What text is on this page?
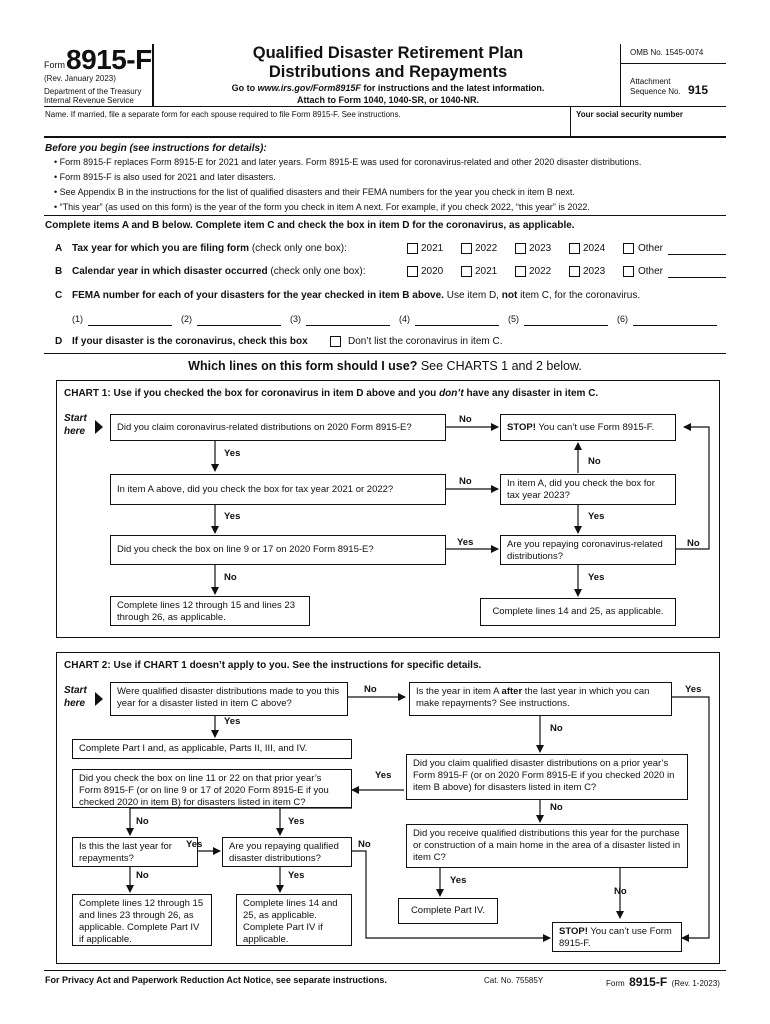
Form 8915-F
(Rev. January 2023)
Department of the Treasury
Internal Revenue Service
Qualified Disaster Retirement Plan
Distributions and Repayments
Go to www.irs.gov/Form8915F for instructions and the latest information.
Attach to Form 1040, 1040-SR, or 1040-NR.
OMB No. 1545-0074
Attachment
Sequence No. 915
Name. If married, file a separate form for each spouse required to file Form 8915-F. See instructions.	Your social security number
Before you begin (see instructions for details):
• Form 8915-F replaces Form 8915-E for 2021 and later years. Form 8915-E was used for coronavirus-related and other 2020 disaster distributions.
• Form 8915-F is also used for 2021 and later disasters.
• See Appendix B in the instructions for the list of qualified disasters and their FEMA numbers for the year you check in item B next.
• “This year” (as used on this form) is the year of the form you check in item A next. For example, if you check 2022, “this year” is 2022.
Complete items A and B below. Complete item C and check the box in item D for the coronavirus, as applicable.
A Tax year for which you are filing form (check only one box):	2021	2022	2023	2024	Other
B Calendar year in which disaster occurred (check only one box):	2020	2021	2022	2023	Other
C FEMA number for each of your disasters for the year checked in item B above. Use item D, not item C, for the coronavirus.
(1)	(2)	(3)	(4)	(5)	(6)
D If your disaster is the coronavirus, check this box	Don’t list the coronavirus in item C.
Which lines on this form should I use? See CHARTS 1 and 2 below.
CHART 1: Use if you checked the box for coronavirus in item D above and you don’t have any disaster in item C.
Start
here
CHART 2: Use if CHART 1 doesn’t apply to you. See the instructions for specific details.
Start
here
Did you claim coronavirus-related distributions on 2020 Form 8915-E?	STOP! You can’t use Form 8915-F.
In item A above, did you check the box for tax year 2021 or 2022?
In item A, did you check the box for tax year 2023?
Did you check the box on line 9 or 17 on 2020 Form 8915-E?	Are you repaying coronavirus-related distributions?
Complete lines 12 through 15 and lines 23 through 26, as applicable.
Complete lines 14 and 25, as applicable.
No
Yes
No
No
Yes	Yes
Yes	No
No	Yes
Were qualified disaster distributions made to you this year for a disaster listed in item C above?
Is the year in item A after the last year in which you can make repayments? See instructions.
Complete Part I and, as applicable, Parts II, III, and IV.
Did you claim qualified disaster distributions on a prior year’s Form 8915-F (or on 2020 Form 8915-E if you checked 2020 in item B above) for disasters listed in item C?
Did you check the box on line 11 or 22 on that prior year’s Form 8915-F (or on line 9 or 17 of 2020 Form 8915-E if you checked 2020 in item B) for disasters listed in item C?
Did you receive qualified distributions this year for the purchase or construction of a main home in the area of a disaster listed in item C?
Is this the last year for repayments?
Are you repaying qualified disaster distributions?
Complete lines 12 through 15 and lines 23 through 26, as applicable. Complete Part IV if applicable.
Complete lines 14 and 25, as applicable. Complete Part IV if applicable.
Complete Part IV.
STOP! You can’t use Form 8915-F.
No	Yes
Yes
No
Yes
No
No	Yes
Yes	No
No	Yes	Yes
No
For Privacy Act and Paperwork Reduction Act Notice, see separate instructions.	Cat. No. 75585Y	Form 8915-F (Rev. 1-2023)
